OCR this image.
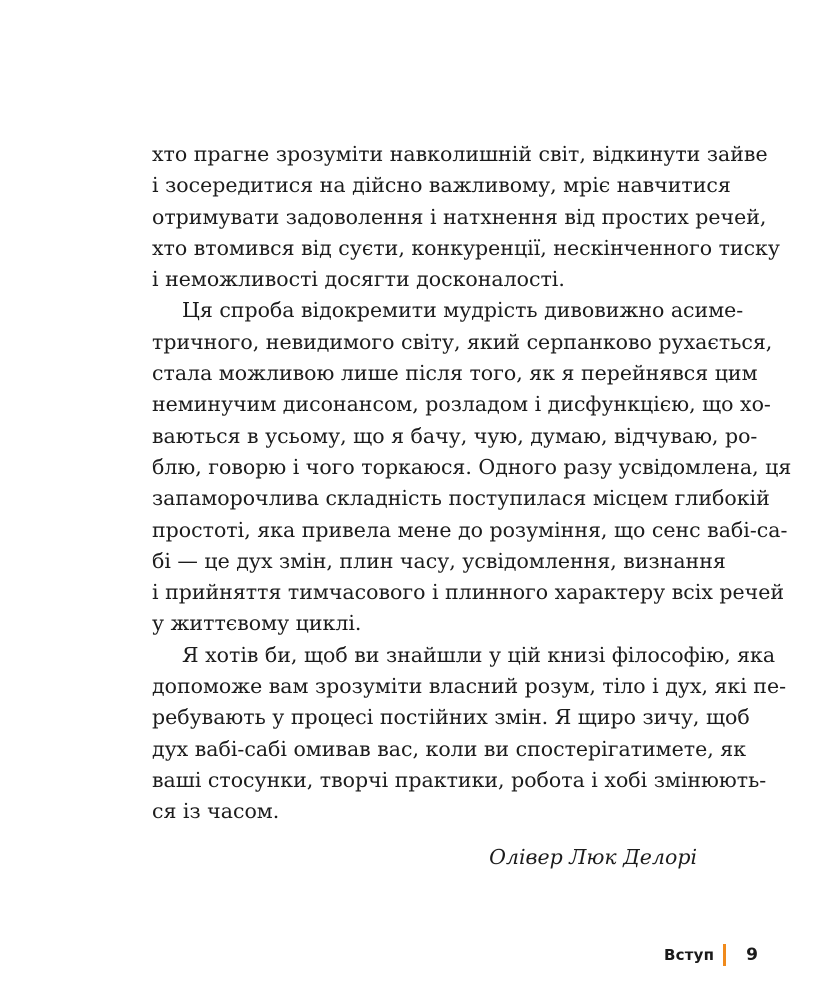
хто прагне зрозуміти навколишній світ, відкинути зайве
і зосередитися на дійсно важливому, мріє навчитися
отримувати задоволення і натхнення від простих речей,
хто втомився від суєти, конкуренції, нескінченного тиску
і неможливості досягти досконалості.

Ця спроба відокремити мудрість дивовижно асиме-
тричного, невидимого світу, який серпанково рухається,
стала можливою лише після того, як я перейнявся цим
неминучим дисонансом, розладом і дисфункцією, що хо-
ваються в усьому, що я бачу, чую, думаю, відчуваю, ро-
блю, говорю і чого торкаюся. Одного разу усвідомлена, ця
запаморочлива складність поступилася місцем глибокій
простоті, яка привела мене до розуміння, що сенс вабі-са-
бі — це дух змін, плин часу, усвідомлення, визнання
і прийняття тимчасового і плинного характеру всіх речей
у життєвому циклі.

Я хотів би, щоб ви знайшли у цій книзі філософію, яка
допоможе вам зрозуміти власний розум, тіло і дух, які пе-
ребувають у процесі постійних змін. Я щиро зичу, щоб
дух вабі-сабі омивав вас, коли ви спостерігатимете, як
ваші стосунки, творчі практики, робота і хобі змінюють-
ся із часом.

Олівер Люк Делорі
Вступ 9
